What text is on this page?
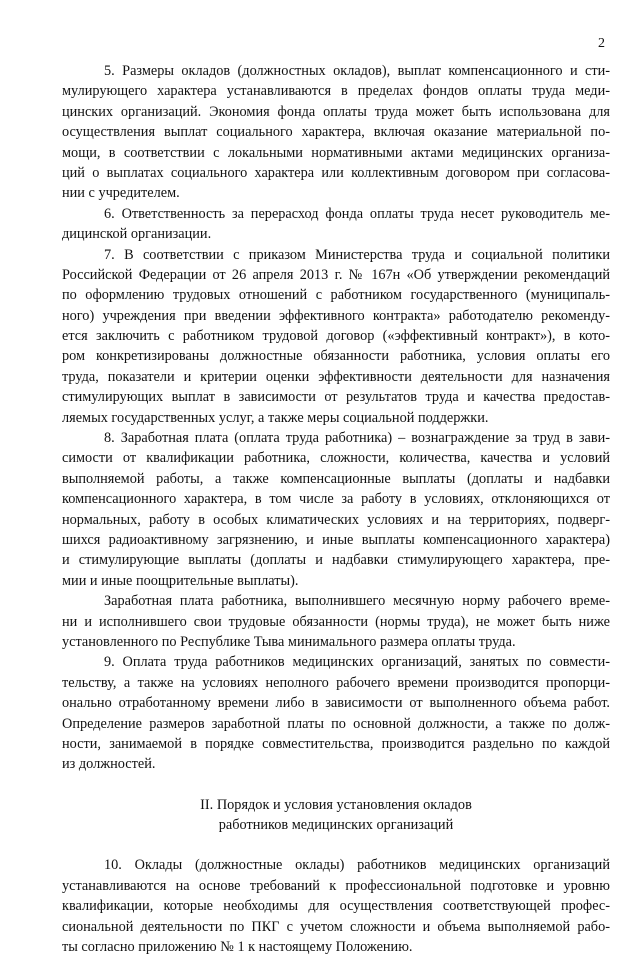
2
5. Размеры окладов (должностных окладов), выплат компенсационного и сти-
мулирующего характера устанавливаются в пределах фондов оплаты труда меди-
цинских организаций. Экономия фонда оплаты труда может быть использована для
осуществления выплат социального характера, включая оказание материальной по-
мощи, в соответствии с локальными нормативными актами медицинских организа-
ций о выплатах социального характера или коллективным договором при согласова-
нии с учредителем.
6. Ответственность за перерасход фонда оплаты труда несет руководитель ме-
дицинской организации.
7. В соответствии с приказом Министерства труда и социальной политики
Российской Федерации от 26 апреля 2013 г. № 167н «Об утверждении рекомендаций
по оформлению трудовых отношений с работником государственного (муниципаль-
ного) учреждения при введении эффективного контракта» работодателю рекоменду-
ется заключить с работником трудовой договор («эффективный контракт»), в кото-
ром конкретизированы должностные обязанности работника, условия оплаты его
труда, показатели и критерии оценки эффективности деятельности для назначения
стимулирующих выплат в зависимости от результатов труда и качества предостав-
ляемых государственных услуг, а также меры социальной поддержки.
8. Заработная плата (оплата труда работника) – вознаграждение за труд в зави-
симости от квалификации работника, сложности, количества, качества и условий
выполняемой работы, а также компенсационные выплаты (доплаты и надбавки
компенсационного характера, в том числе за работу в условиях, отклоняющихся от
нормальных, работу в особых климатических условиях и на территориях, подверг-
шихся радиоактивному загрязнению, и иные выплаты компенсационного характера)
и стимулирующие выплаты (доплаты и надбавки стимулирующего характера, пре-
мии и иные поощрительные выплаты).
Заработная плата работника, выполнившего месячную норму рабочего време-
ни и исполнившего свои трудовые обязанности (нормы труда), не может быть ниже
установленного по Республике Тыва минимального размера оплаты труда.
9. Оплата труда работников медицинских организаций, занятых по совмести-
тельству, а также на условиях неполного рабочего времени производится пропорци-
онально отработанному времени либо в зависимости от выполненного объема работ.
Определение размеров заработной платы по основной должности, а также по долж-
ности, занимаемой в порядке совместительства, производится раздельно по каждой
из должностей.
II. Порядок и условия установления окладов
работников медицинских организаций
10. Оклады (должностные оклады) работников медицинских организаций
устанавливаются на основе требований к профессиональной подготовке и уровню
квалификации, которые необходимы для осуществления соответствующей профес-
сиональной деятельности по ПКГ с учетом сложности и объема выполняемой рабо-
ты согласно приложению № 1 к настоящему Положению.
